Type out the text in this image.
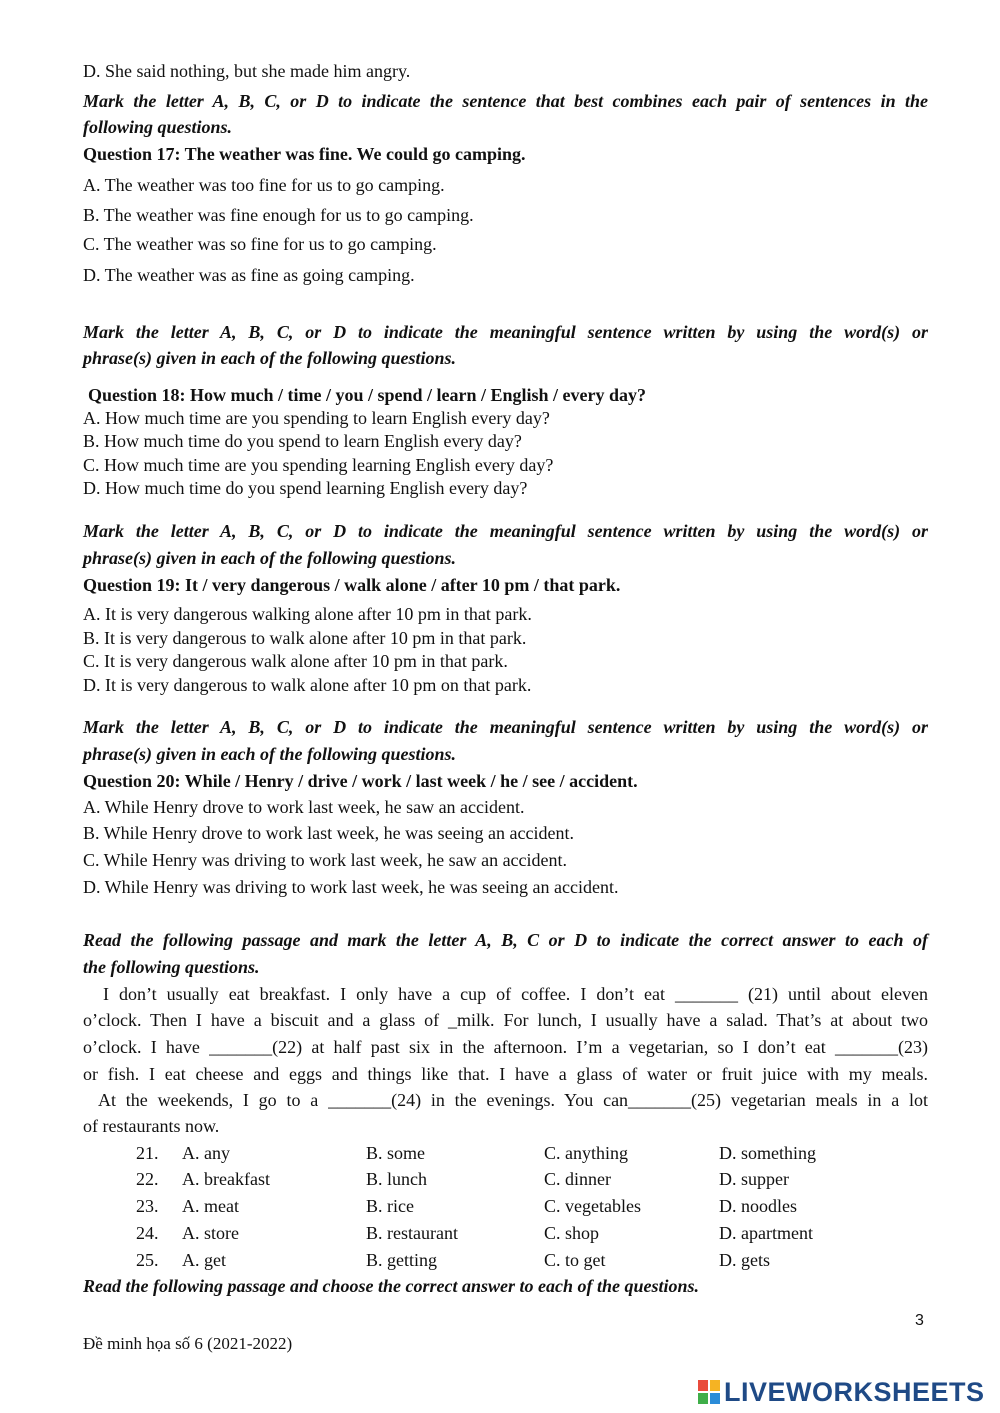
D. She said nothing, but she made him angry.
Mark the letter A, B, C, or D to indicate the sentence that best combines each pair of sentences in the
following questions.
Question 17: The weather was fine. We could go camping.
A. The weather was too fine for us to go camping.
B. The weather was fine enough for us to go camping.
C. The weather was so fine for us to go camping.
D. The weather was as fine as going camping.
Mark the letter A, B, C, or D to indicate the meaningful sentence written by using the word(s) or
phrase(s) given in each of the following questions.
Question 18: How much / time / you / spend / learn / English / every day?
A. How much time are you spending to learn English every day?
B. How much time do you spend to learn English every day?
C. How much time are you spending learning English every day?
D. How much time do you spend learning English every day?
Mark the letter A, B, C, or D to indicate the meaningful sentence written by using the word(s) or
phrase(s) given in each of the following questions.
Question 19: It / very dangerous / walk alone / after 10 pm / that park.
A. It is very dangerous walking alone after 10 pm in that park.
B. It is very dangerous to walk alone after 10 pm in that park.
C. It is very dangerous walk alone after 10 pm in that park.
D. It is very dangerous to walk alone after 10 pm on that park.
Mark the letter A, B, C, or D to indicate the meaningful sentence written by using the word(s) or
phrase(s) given in each of the following questions.
Question 20: While / Henry / drive / work / last week / he / see / accident.
A. While Henry drove to work last week, he saw an accident.
B. While Henry drove to work last week, he was seeing an accident.
C. While Henry was driving to work last week, he saw an accident.
D. While Henry was driving to work last week, he was seeing an accident.
Read the following passage and mark the letter A, B, C or D to indicate the correct answer to each of
the following questions.
I don’t usually eat breakfast. I only have a cup of coffee. I don’t eat _______ (21) until about eleven
o’clock. Then I have a biscuit and a glass of _milk. For lunch, I usually have a salad. That’s at about two
o’clock. I have _______(22) at half past six in the afternoon. I’m a vegetarian, so I don’t eat _______(23)
or fish. I eat cheese and eggs and things like that. I have a glass of water or fruit juice with my meals.
At the weekends, I go to a _______(24) in the evenings. You can_______(25) vegetarian meals in a lot
of restaurants now.
21. A. any	B. some	C. anything	D. something
22. A. breakfast	B. lunch	C. dinner	D. supper
23. A. meat	B. rice	C. vegetables	D. noodles
24. A. store	B. restaurant	C. shop	D. apartment
25. A. get	B. getting	C. to get	D. gets
Read the following passage and choose the correct answer to each of the questions.
3
Đề minh họa số 6 (2021-2022)
LIVEWORKSHEETS
